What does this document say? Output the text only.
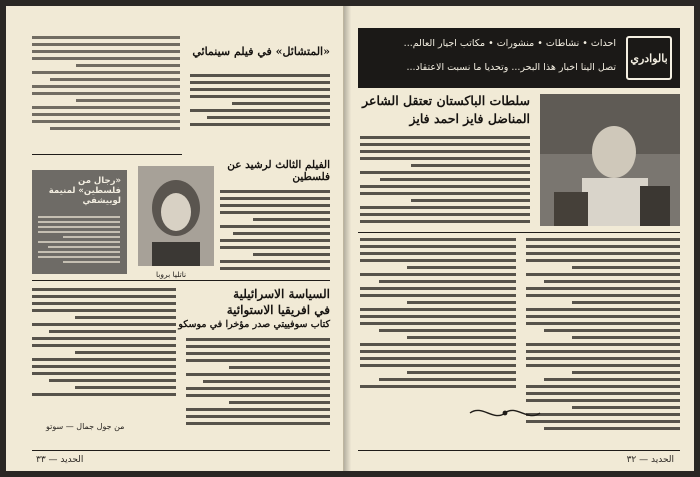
«المتشائل» في فيلم سينمائي
«رجال من فلسطين» لمنيمة لوبيشفي
الفيلم الثالث لرشيد عن فلسطين
ناتليا بروبا
السياسة الاسرائيلية
في افريقيا الاستوائية
كتاب سوفييتي صدر مؤخرا في موسكو
من جول جمال — سوتو
الحديد — ٣٣
بالوادري
احداث • نشاطات • منشورات • مكاتب اجيار العالم...
تصل الينا اخبار هذا البحر... وتحديا ما نسبت الاعتقاد...
سلطات الباكستان تعتقل الشاعر
المناضل فايز احمد فايز
الحديد — ٣٢
